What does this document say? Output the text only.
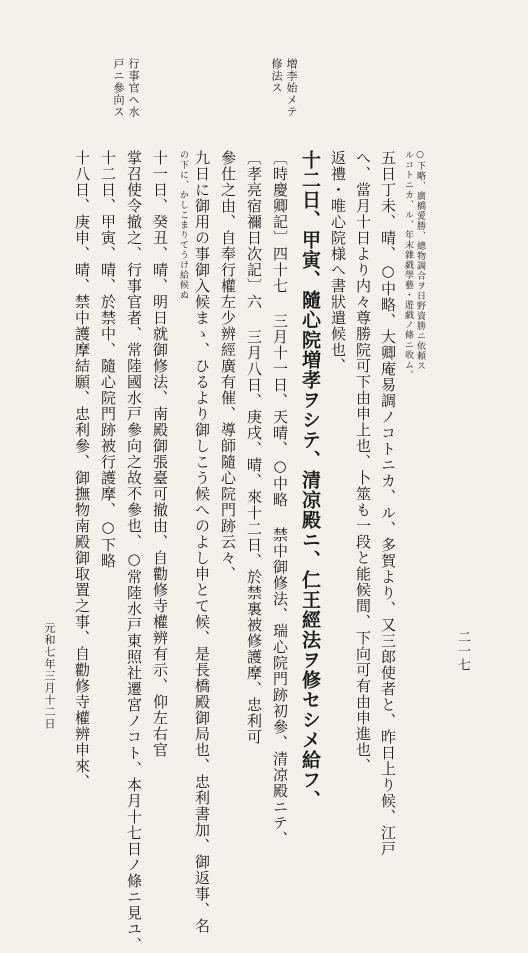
増李始メテ
修法ス
行事官ヘ水
戸ニ參向ス
○下略、廣橋愛勝、總物調合ヲ日野資勝ニ依頼ス
ルコトニカ、ル、年末雜戯學藝・遊戯ノ條ニ收ム。
五日丁未、晴、○中略、大卿庵易調ノコトニカ、ル、多賀より、又三郎使者と、昨日上り候、江戸
へ、當月十日より内々尊勝院可下由申上也、卜筮も一段と能候間、下向可有由申進也、
返禮・唯心院様へ書狀遣候也、
十二日、甲寅、隨心院増孝ヲシテ、清凉殿ニ、仁王經法ヲ修セシメ給フ、
〔時慶卿記〕四十七 三月十一日、天晴、○中略 禁中御修法、瑞心院門跡初參、清凉殿ニテ、
〔孝亮宿禰日次記〕六 三月八日、庚戌、晴、來十二日、於禁裏被修護摩、忠利可
參仕之由、自奉行權左少辨經廣有催、導師隨心院門跡云々、
九日に御用の事御入候まゝ、ひるより御しこう候へのよし申とて候、是長橋殿御局也、忠利書加、御返事、名
の下に、かしこまりてうけ給候ぬ
十一日、癸丑、晴、明日就御修法、南殿御張臺可撤由、自勸修寺權辨有示、仰左右官
掌召使令撤之、行事官者、常陸國水戸參向之故不參也、○常陸水戸東照社遷宮ノコト、本月十七日ノ條ニ見ユ、
十二日、甲寅、晴、於禁中、隨心院門跡被行護摩、○下略
十八日、庚申、晴、禁中護摩結願、忠利參、御撫物南殿御取置之事、自勸修寺權辨申來、
元和七年三月十二日	二一七
